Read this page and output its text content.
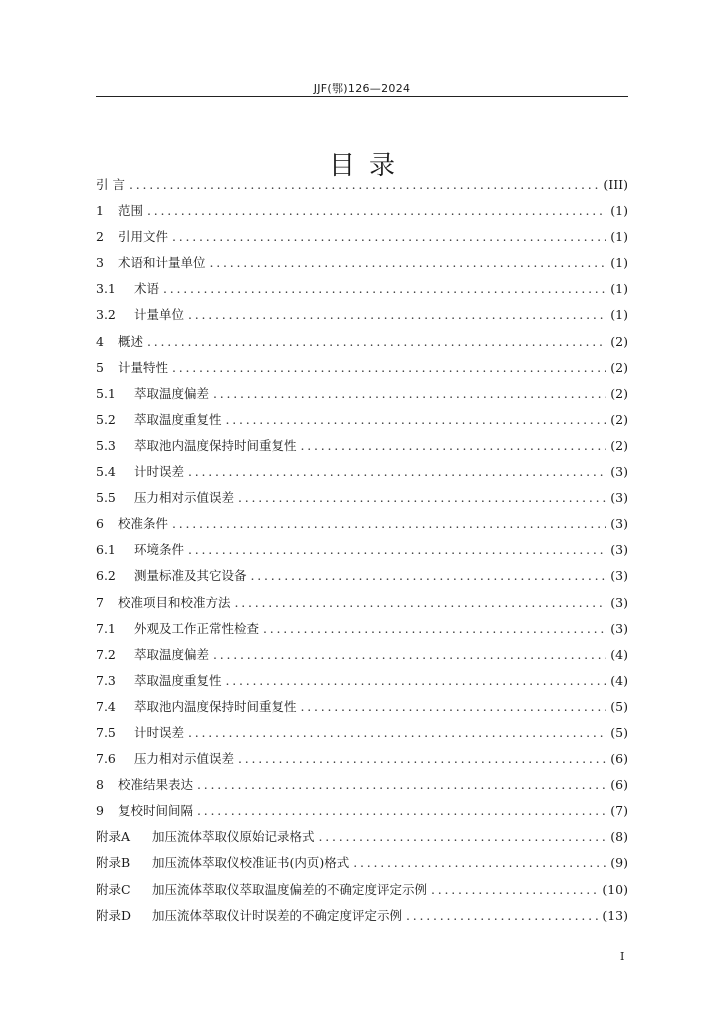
JJF(鄂)126—2024
目录
引 言 . . .	(III)
1	范围 . . .	(1)
2	引用文件 . . .	(1)
3	术语和计量单位 . . .	(1)
3.1	术语 . . .	(1)
3.2	计量单位 . . .	(1)
4	概述 . . .	(2)
5	计量特性 . . .	(2)
5.1	萃取温度偏差 . . .	(2)
5.2	萃取温度重复性 . . .	(2)
5.3	萃取池内温度保持时间重复性 . . .	(2)
5.4	计时误差 . . .	(3)
5.5	压力相对示值误差 . . .	(3)
6	校准条件 . . .	(3)
6.1	环境条件 . . .	(3)
6.2	测量标准及其它设备 . . .	(3)
7	校准项目和校准方法 . . .	(3)
7.1	外观及工作正常性检查 . . .	(3)
7.2	萃取温度偏差 . . .	(4)
7.3	萃取温度重复性 . . .	(4)
7.4	萃取池内温度保持时间重复性 . . .	(5)
7.5	计时误差 . . .	(5)
7.6	压力相对示值误差 . . .	(6)
8	校准结果表达 . . .	(6)
9	复校时间间隔 . . .	(7)
附录A	加压流体萃取仪原始记录格式 . . .	(8)
附录B	加压流体萃取仪校准证书(内页)格式 . . .	(9)
附录C	加压流体萃取仪萃取温度偏差的不确定度评定示例 . . .	(10)
附录D	加压流体萃取仪计时误差的不确定度评定示例 . . .	(13)
I
